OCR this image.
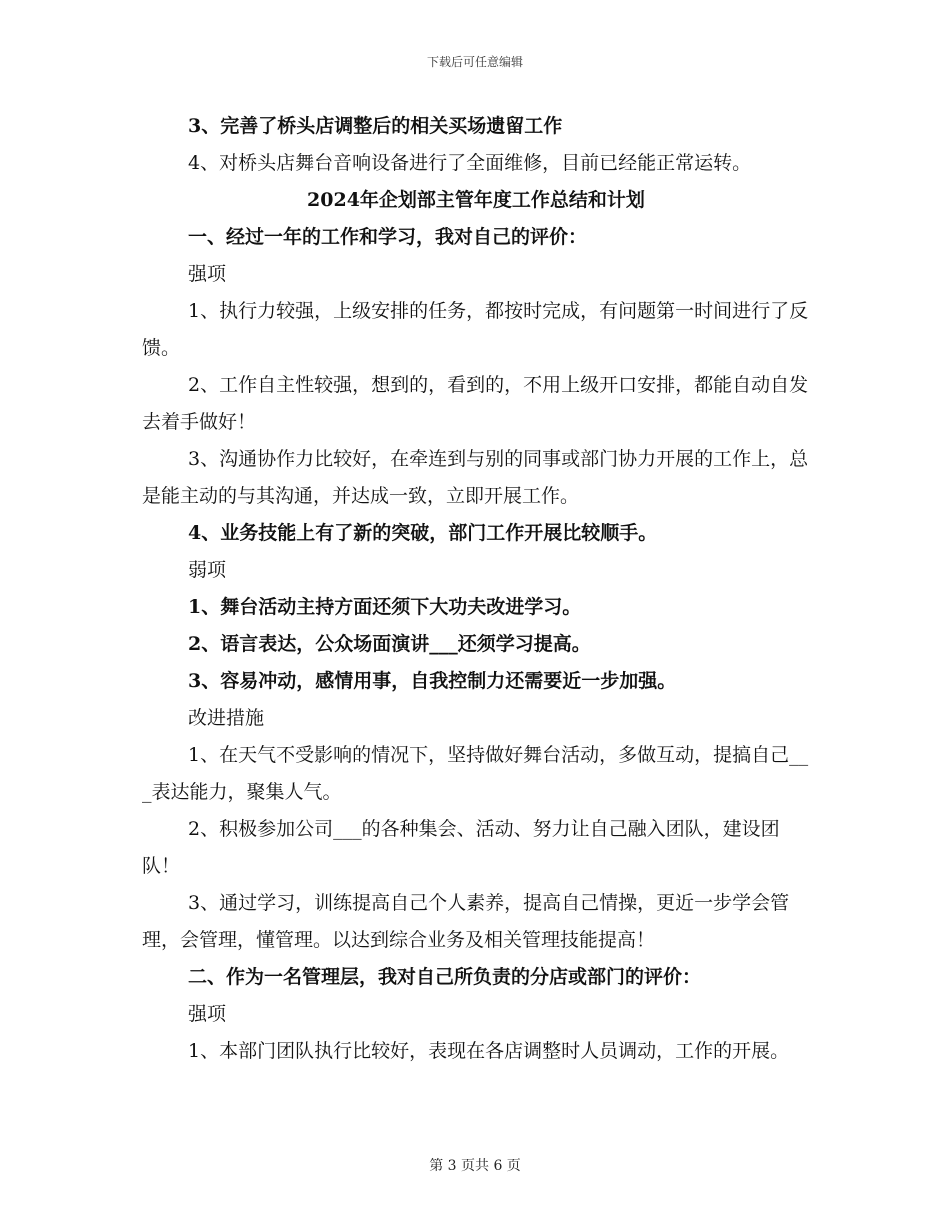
下载后可任意编辑

3、完善了桥头店调整后的相关买场遗留工作

4、对桥头店舞台音响设备进行了全面维修，目前已经能正常运转。

2024年企划部主管年度工作总结和计划

一、经过一年的工作和学习，我对自己的评价：

强项

1、执行力较强，上级安排的任务，都按时完成，有问题第一时间进行了反馈。

2、工作自主性较强，想到的，看到的，不用上级开口安排，都能自动自发去着手做好！

3、沟通协作力比较好，在牵连到与别的同事或部门协力开展的工作上，总是能主动的与其沟通，并达成一致，立即开展工作。

4、业务技能上有了新的突破，部门工作开展比较顺手。

弱项

1、舞台活动主持方面还须下大功夫改进学习。

2、语言表达，公众场面演讲___还须学习提高。

3、容易冲动，感情用事，自我控制力还需要近一步加强。

改进措施

1、在天气不受影响的情况下，坚持做好舞台活动，多做互动，提搞自己___表达能力，聚集人气。

2、积极参加公司___的各种集会、活动、努力让自己融入团队，建设团队！

3、通过学习，训练提高自己个人素养，提高自己情操，更近一步学会管理，会管理，懂管理。以达到综合业务及相关管理技能提高！

二、作为一名管理层，我对自己所负责的分店或部门的评价：

强项

1、本部门团队执行比较好，表现在各店调整时人员调动，工作的开展。

第 3 页共 6 页
